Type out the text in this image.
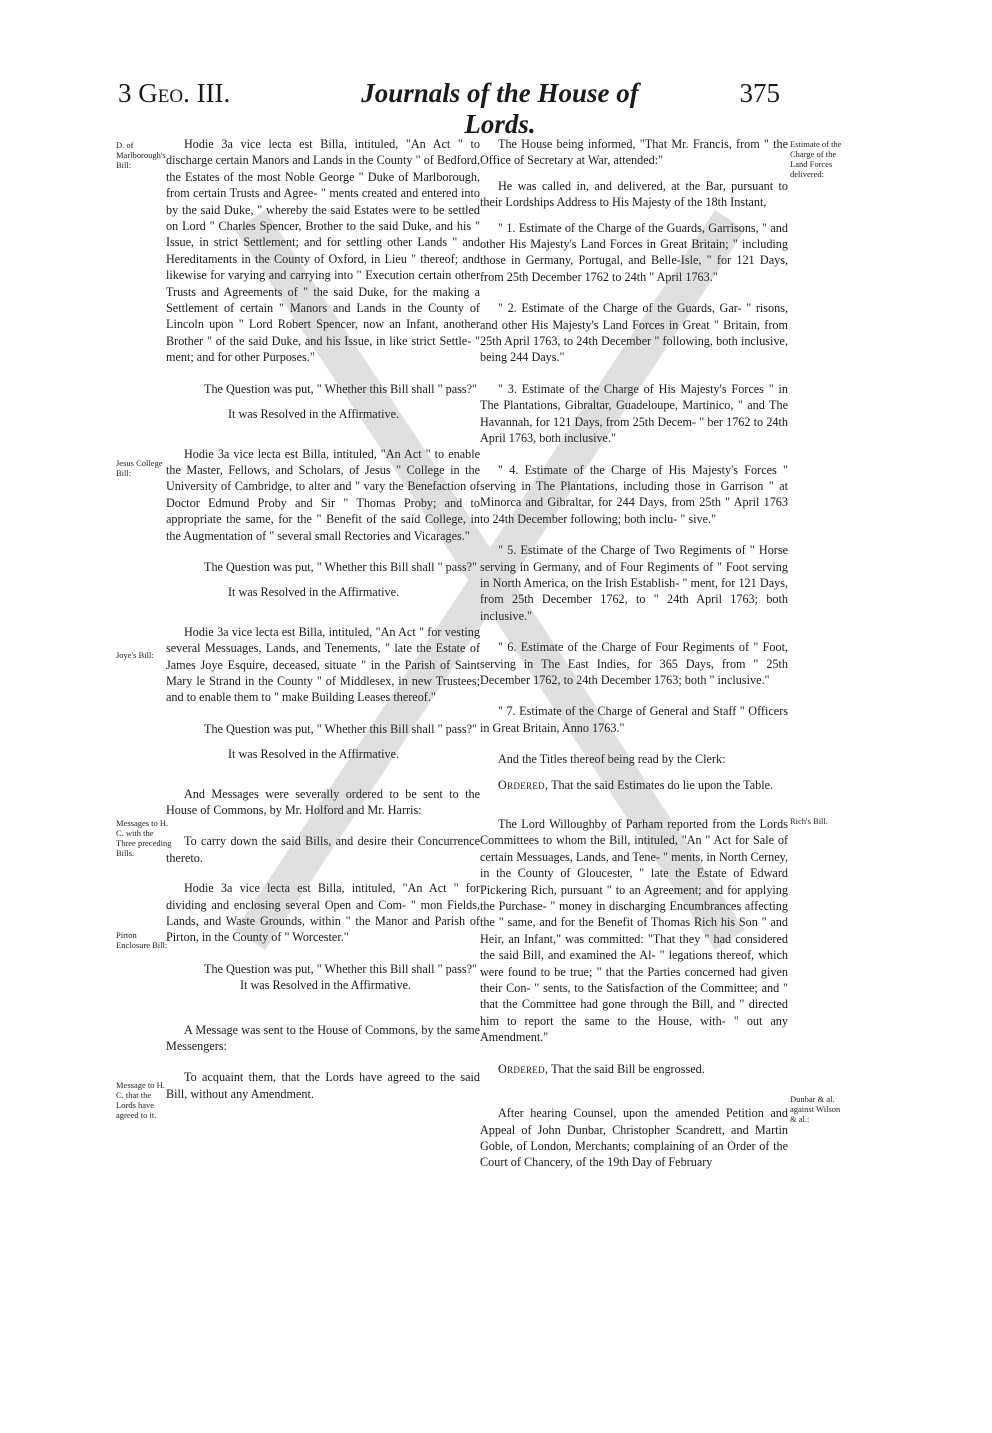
3 Geo. III.	Journals of the House of Lords.
375
D. of Marlborough's Bill:
Jesus College Bill:
Joye's Bill:
Messages to H. C. with the Three preceding Bills.
Pirton Enclosure Bill:
Message to H. C. that the Lords have agreed to it.
Estimate of the Charge of the Land Forces delivered:
Rich's Bill.
Dunbar & al. against Wilson & al.:

Hodie 3a vice lecta est Billa, intituled, "An Act " to discharge certain Manors and Lands in the County " of Bedford, the Estates of the most Noble George " Duke of Marlborough, from certain Trusts and Agree- " ments created and entered into by the said Duke, " whereby the said Estates were to be settled on Lord " Charles Spencer, Brother to the said Duke, and his " Issue, in strict Settlement; and for settling other Lands " and Hereditaments in the County of Oxford, in Lieu " thereof; and likewise for varying and carrying into " Execution certain other Trusts and Agreements of " the said Duke, for the making a Settlement of certain " Manors and Lands in the County of Lincoln upon " Lord Robert Spencer, now an Infant, another Brother " of the said Duke, and his Issue, in like strict Settle- " ment; and for other Purposes."

The Question was put, " Whether this Bill shall " pass?"

It was Resolved in the Affirmative.

Hodie 3a vice lecta est Billa, intituled, "An Act " to enable the Master, Fellows, and Scholars, of Jesus " College in the University of Cambridge, to alter and " vary the Benefaction of Doctor Edmund Proby and Sir " Thomas Proby; and to appropriate the same, for the " Benefit of the said College, in the Augmentation of " several small Rectories and Vicarages."

The Question was put, " Whether this Bill shall " pass?"

It was Resolved in the Affirmative.

Hodie 3a vice lecta est Billa, intituled, "An Act " for vesting several Messuages, Lands, and Tenements, " late the Estate of James Joye Esquire, deceased, situate " in the Parish of Saint Mary le Strand in the County " of Middlesex, in new Trustees; and to enable them to " make Building Leases thereof."

The Question was put, " Whether this Bill shall " pass?"

It was Resolved in the Affirmative.

And Messages were severally ordered to be sent to the House of Commons, by Mr. Holford and Mr. Harris:

To carry down the said Bills, and desire their Concurrence thereto.

Hodie 3a vice lecta est Billa, intituled, "An Act " for dividing and enclosing several Open and Com- " mon Fields, Lands, and Waste Grounds, within " the Manor and Parish of Pirton, in the County of " Worcester."

The Question was put, " Whether this Bill shall " pass?"

It was Resolved in the Affirmative.

A Message was sent to the House of Commons, by the same Messengers:

To acquaint them, that the Lords have agreed to the said Bill, without any Amendment.

The House being informed, "That Mr. Francis, from " the Office of Secretary at War, attended:"

He was called in, and delivered, at the Bar, pursuant to their Lordships Address to His Majesty of the 18th Instant,

" 1. Estimate of the Charge of the Guards, Garrisons, " and other His Majesty's Land Forces in Great Britain; " including those in Germany, Portugal, and Belle-Isle, " for 121 Days, from 25th December 1762 to 24th " April 1763."

" 2. Estimate of the Charge of the Guards, Gar- " risons, and other His Majesty's Land Forces in Great " Britain, from 25th April 1763, to 24th December " following, both inclusive, being 244 Days."

" 3. Estimate of the Charge of His Majesty's Forces " in The Plantations, Gibraltar, Guadeloupe, Martinico, " and The Havannah, for 121 Days, from 25th Decem- " ber 1762 to 24th April 1763, both inclusive."

" 4. Estimate of the Charge of His Majesty's Forces " serving in The Plantations, including those in Garrison " at Minorca and Gibraltar, for 244 Days, from 25th " April 1763 to 24th December following; both inclu- " sive."

" 5. Estimate of the Charge of Two Regiments of " Horse serving in Germany, and of Four Regiments of " Foot serving in North America, on the Irish Establish- " ment, for 121 Days, from 25th December 1762, to " 24th April 1763; both inclusive."

" 6. Estimate of the Charge of Four Regiments of " Foot, serving in The East Indies, for 365 Days, from " 25th December 1762, to 24th December 1763; both " inclusive."

" 7. Estimate of the Charge of General and Staff " Officers in Great Britain, Anno 1763."

And the Titles thereof being read by the Clerk:

Ordered, That the said Estimates do lie upon the Table.

The Lord Willoughby of Parham reported from the Lords Committees to whom the Bill, intituled, "An " Act for Sale of certain Messuages, Lands, and Tene- " ments, in North Cerney, in the County of Gloucester, " late the Estate of Edward Pickering Rich, pursuant " to an Agreement; and for applying the Purchase- " money in discharging Encumbrances affecting the " same, and for the Benefit of Thomas Rich his Son " and Heir, an Infant," was committed: "That they " had considered the said Bill, and examined the Al- " legations thereof, which were found to be true; " that the Parties concerned had given their Con- " sents, to the Satisfaction of the Committee; and " that the Committee had gone through the Bill, and " directed him to report the same to the House, with- " out any Amendment."

Ordered, That the said Bill be engrossed.

After hearing Counsel, upon the amended Petition and Appeal of John Dunbar, Christopher Scandrett, and Martin Goble, of London, Merchants; complaining of an Order of the Court of Chancery, of the 19th Day of February
